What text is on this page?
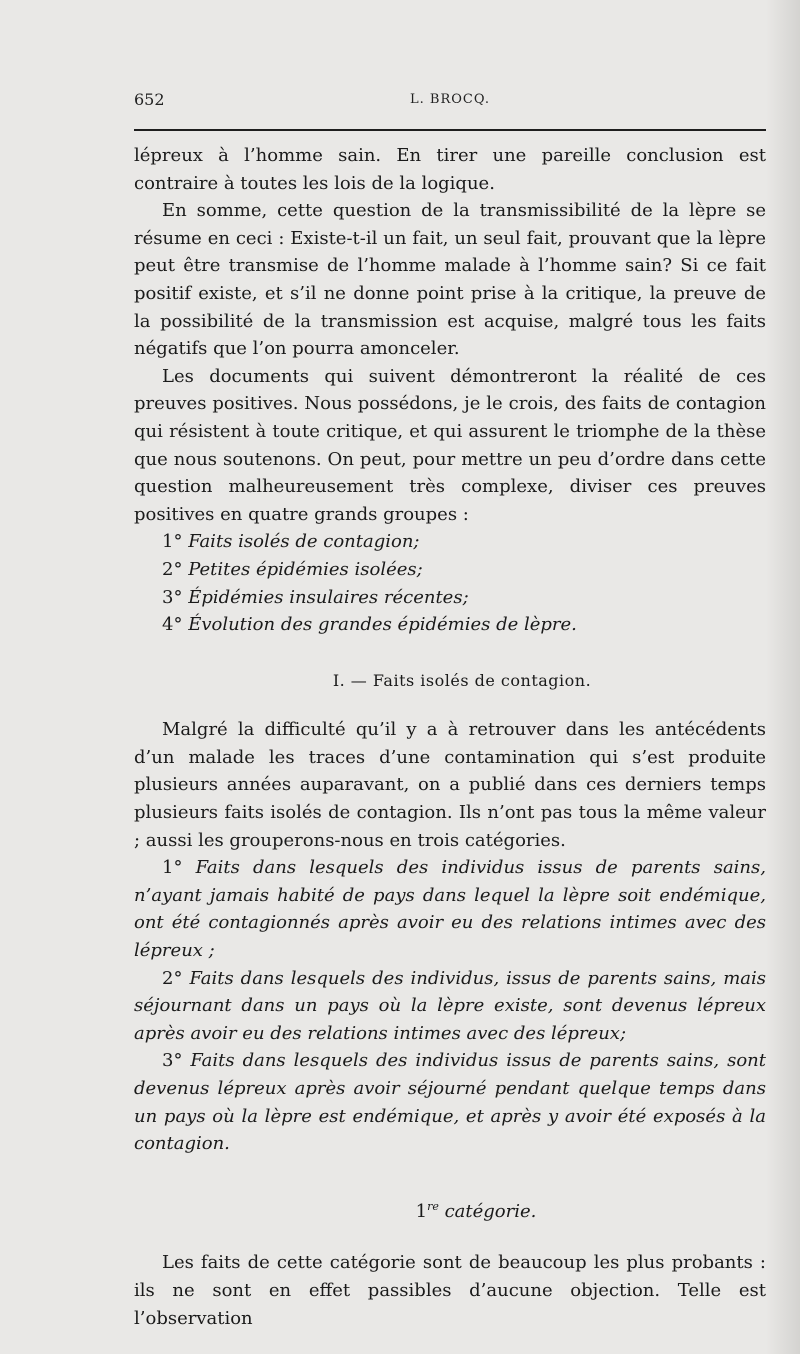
652	L. BROCQ.

lépreux à l’homme sain. En tirer une pareille conclusion est contraire à toutes les lois de la logique.

En somme, cette question de la transmissibilité de la lèpre se résume en ceci : Existe-t-il un fait, un seul fait, prouvant que la lèpre peut être transmise de l’homme malade à l’homme sain? Si ce fait positif existe, et s’il ne donne point prise à la critique, la preuve de la possibilité de la transmission est acquise, malgré tous les faits négatifs que l’on pourra amonceler.

Les documents qui suivent démontreront la réalité de ces preuves positives. Nous possédons, je le crois, des faits de contagion qui résistent à toute critique, et qui assurent le triomphe de la thèse que nous soutenons. On peut, pour mettre un peu d’ordre dans cette question malheureusement très complexe, diviser ces preuves positives en quatre grands groupes :

1° Faits isolés de contagion;

2° Petites épidémies isolées;

3° Épidémies insulaires récentes;

4° Évolution des grandes épidémies de lèpre.

I. — Faits isolés de contagion.

Malgré la difficulté qu’il y a à retrouver dans les antécédents d’un malade les traces d’une contamination qui s’est produite plusieurs années auparavant, on a publié dans ces derniers temps plusieurs faits isolés de contagion. Ils n’ont pas tous la même valeur ; aussi les grouperons-nous en trois catégories.

1° Faits dans lesquels des individus issus de parents sains, n’ayant jamais habité de pays dans lequel la lèpre soit endémique, ont été contagionnés après avoir eu des relations intimes avec des lépreux ;

2° Faits dans lesquels des individus, issus de parents sains, mais séjournant dans un pays où la lèpre existe, sont devenus lépreux après avoir eu des relations intimes avec des lépreux;

3° Faits dans lesquels des individus issus de parents sains, sont devenus lépreux après avoir séjourné pendant quelque temps dans un pays où la lèpre est endémique, et après y avoir été exposés à la contagion.

1re catégorie.

Les faits de cette catégorie sont de beaucoup les plus probants : ils ne sont en effet passibles d’aucune objection. Telle est l’observation
